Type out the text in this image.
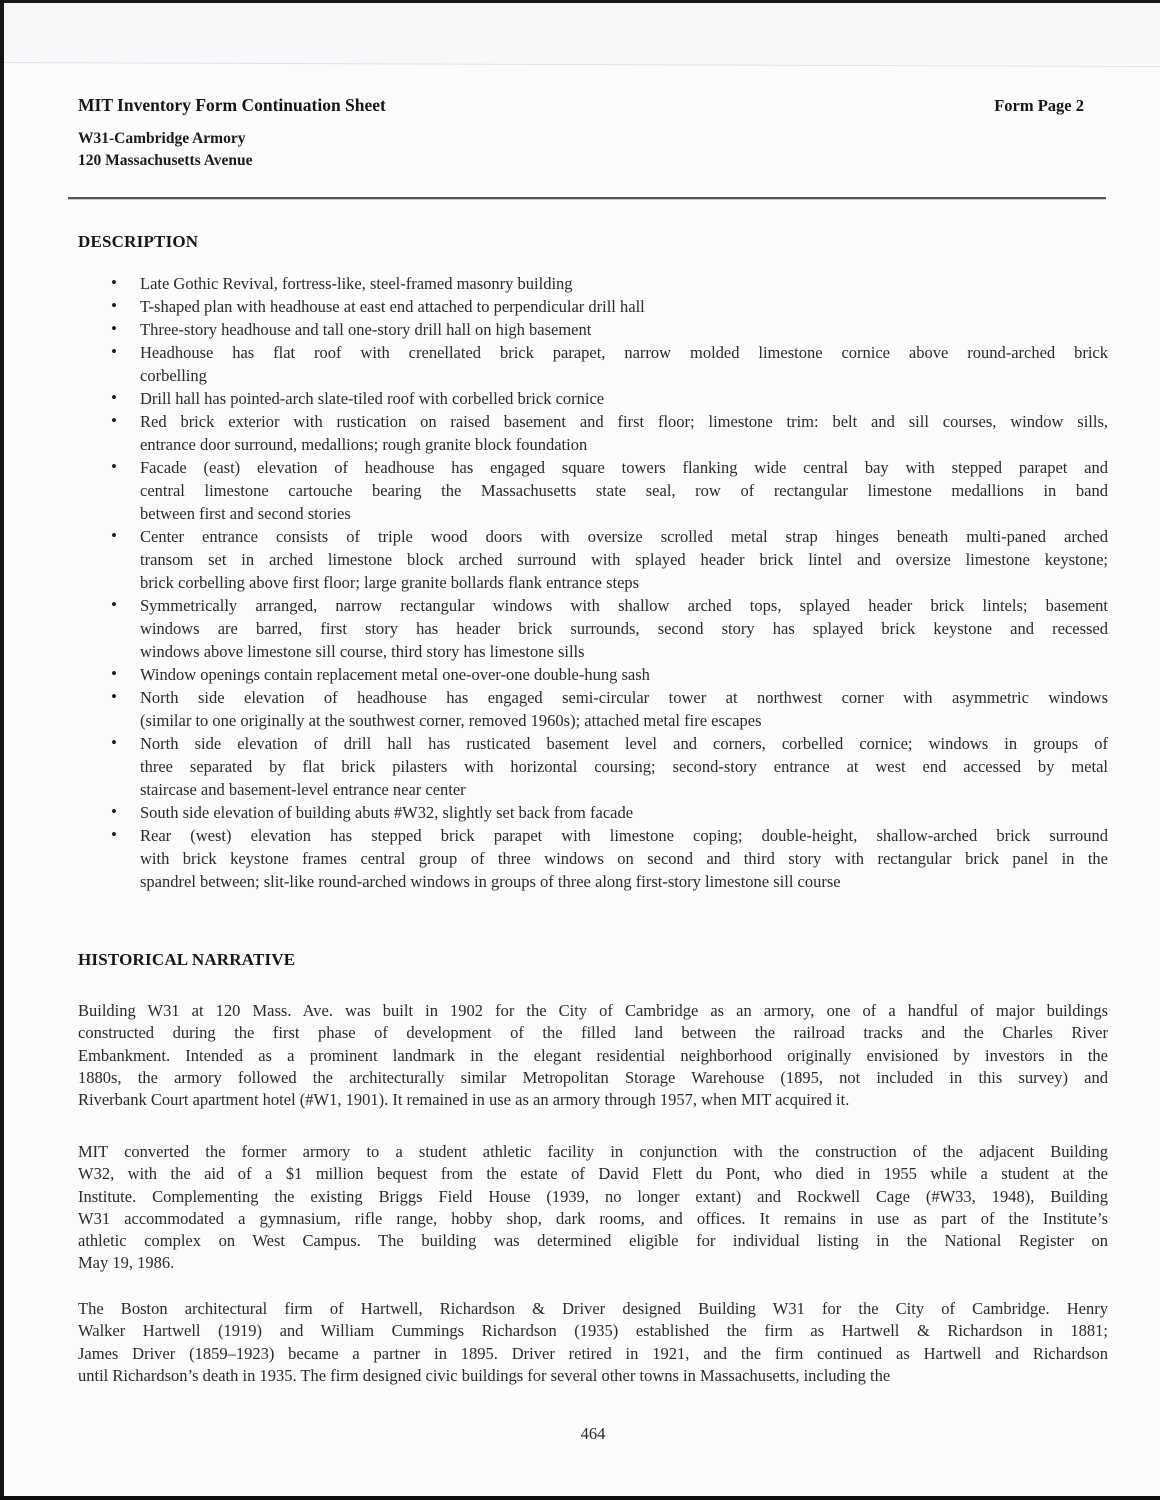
MIT Inventory Form Continuation Sheet	Form Page 2
W31-Cambridge Armory
120 Massachusetts Avenue
DESCRIPTION
• Late Gothic Revival, fortress-like, steel-framed masonry building
• T-shaped plan with headhouse at east end attached to perpendicular drill hall
• Three-story headhouse and tall one-story drill hall on high basement
• Headhouse has flat roof with crenellated brick parapet, narrow molded limestone cornice above round-arched brick
corbelling
• Drill hall has pointed-arch slate-tiled roof with corbelled brick cornice
• Red brick exterior with rustication on raised basement and first floor; limestone trim: belt and sill courses, window sills,
entrance door surround, medallions; rough granite block foundation
• Facade (east) elevation of headhouse has engaged square towers flanking wide central bay with stepped parapet and
central limestone cartouche bearing the Massachusetts state seal, row of rectangular limestone medallions in band
between first and second stories
• Center entrance consists of triple wood doors with oversize scrolled metal strap hinges beneath multi-paned arched
transom set in arched limestone block arched surround with splayed header brick lintel and oversize limestone keystone;
brick corbelling above first floor; large granite bollards flank entrance steps
• Symmetrically arranged, narrow rectangular windows with shallow arched tops, splayed header brick lintels; basement
windows are barred, first story has header brick surrounds, second story has splayed brick keystone and recessed
windows above limestone sill course, third story has limestone sills
• Window openings contain replacement metal one-over-one double-hung sash
• North side elevation of headhouse has engaged semi-circular tower at northwest corner with asymmetric windows
(similar to one originally at the southwest corner, removed 1960s); attached metal fire escapes
• North side elevation of drill hall has rusticated basement level and corners, corbelled cornice; windows in groups of
three separated by flat brick pilasters with horizontal coursing; second-story entrance at west end accessed by metal
staircase and basement-level entrance near center
• South side elevation of building abuts #W32, slightly set back from facade
• Rear (west) elevation has stepped brick parapet with limestone coping; double-height, shallow-arched brick surround
with brick keystone frames central group of three windows on second and third story with rectangular brick panel in the
spandrel between; slit-like round-arched windows in groups of three along first-story limestone sill course
HISTORICAL NARRATIVE

Building W31 at 120 Mass. Ave. was built in 1902 for the City of Cambridge as an armory, one of a handful of major buildings
constructed during the first phase of development of the filled land between the railroad tracks and the Charles River
Embankment. Intended as a prominent landmark in the elegant residential neighborhood originally envisioned by investors in the
1880s, the armory followed the architecturally similar Metropolitan Storage Warehouse (1895, not included in this survey) and
Riverbank Court apartment hotel (#W1, 1901). It remained in use as an armory through 1957, when MIT acquired it.

MIT converted the former armory to a student athletic facility in conjunction with the construction of the adjacent Building
W32, with the aid of a $1 million bequest from the estate of David Flett du Pont, who died in 1955 while a student at the
Institute. Complementing the existing Briggs Field House (1939, no longer extant) and Rockwell Cage (#W33, 1948), Building
W31 accommodated a gymnasium, rifle range, hobby shop, dark rooms, and offices. It remains in use as part of the Institute’s
athletic complex on West Campus. The building was determined eligible for individual listing in the National Register on
May 19, 1986.

The Boston architectural firm of Hartwell, Richardson & Driver designed Building W31 for the City of Cambridge. Henry
Walker Hartwell (1919) and William Cummings Richardson (1935) established the firm as Hartwell & Richardson in 1881;
James Driver (1859–1923) became a partner in 1895. Driver retired in 1921, and the firm continued as Hartwell and Richardson
until Richardson’s death in 1935. The firm designed civic buildings for several other towns in Massachusetts, including the

464
